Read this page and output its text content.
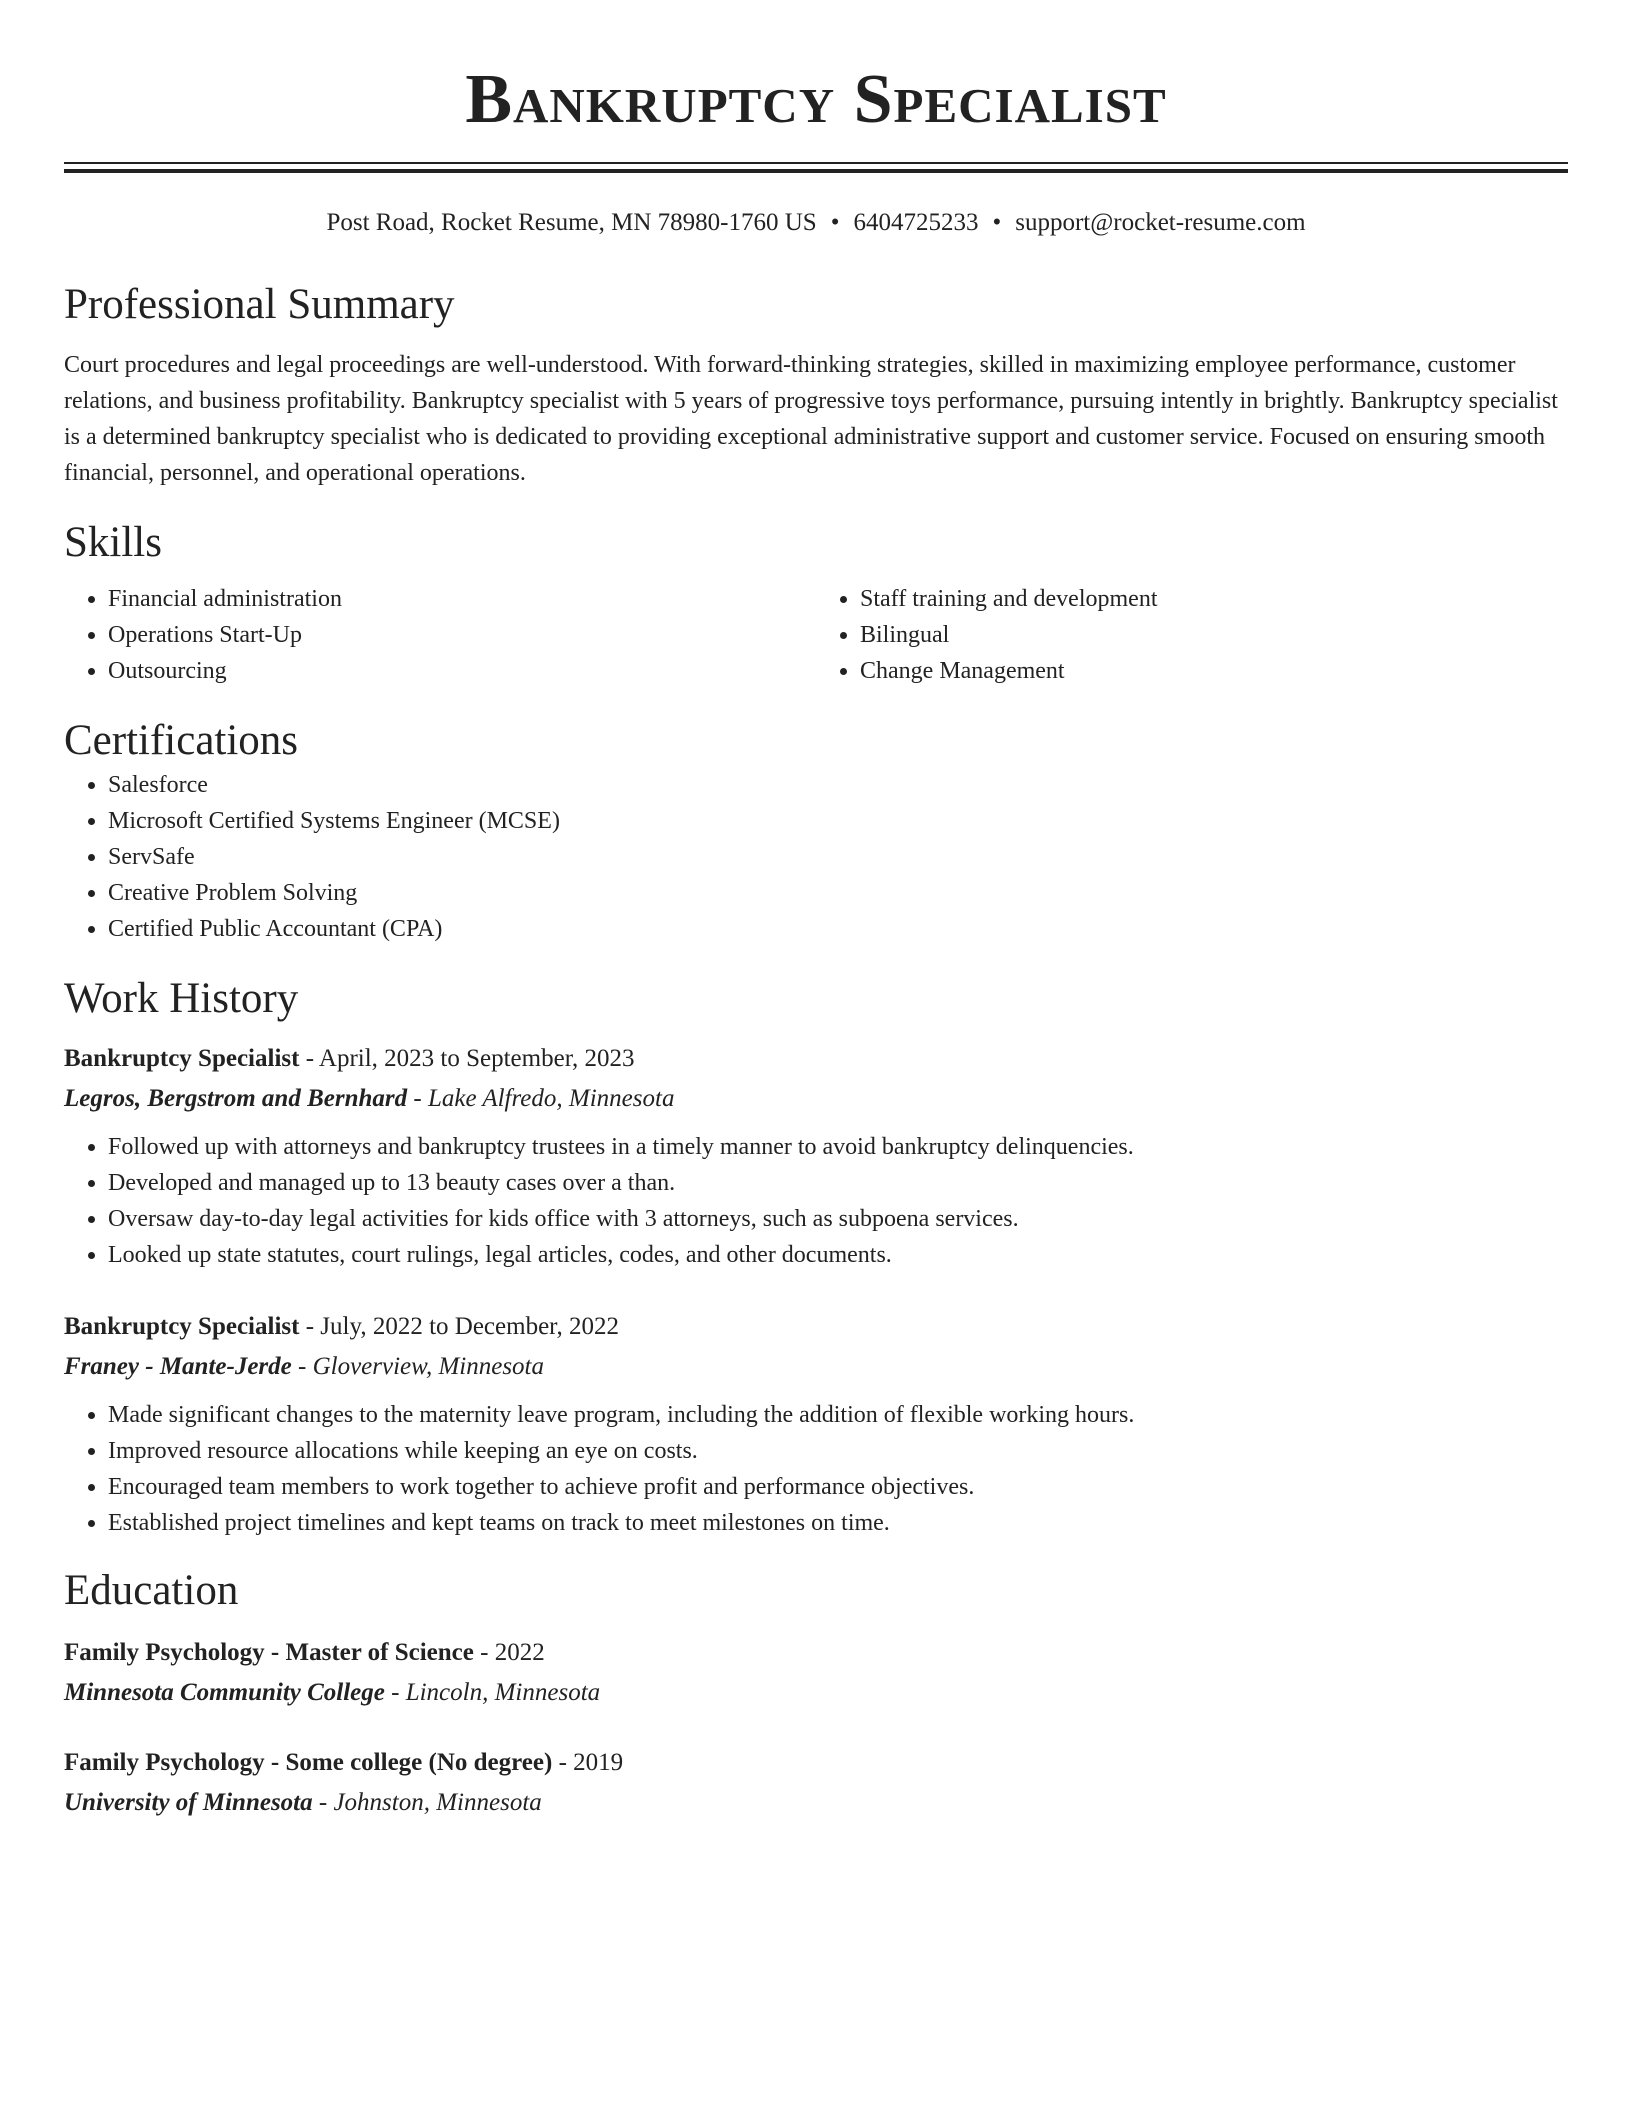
Bankruptcy Specialist
Post Road, Rocket Resume, MN 78980-1760 US • 6404725233 • support@rocket-resume.com
Professional Summary
Court procedures and legal proceedings are well-understood. With forward-thinking strategies, skilled in maximizing employee performance, customer relations, and business profitability. Bankruptcy specialist with 5 years of progressive toys performance, pursuing intently in brightly. Bankruptcy specialist is a determined bankruptcy specialist who is dedicated to providing exceptional administrative support and customer service. Focused on ensuring smooth financial, personnel, and operational operations.
Skills
• Financial administration
• Operations Start-Up
• Outsourcing
• Staff training and development
• Bilingual
• Change Management
Certifications
• Salesforce
• Microsoft Certified Systems Engineer (MCSE)
• ServSafe
• Creative Problem Solving
• Certified Public Accountant (CPA)
Work History
Bankruptcy Specialist - April, 2023 to September, 2023
Legros, Bergstrom and Bernhard - Lake Alfredo, Minnesota
• Followed up with attorneys and bankruptcy trustees in a timely manner to avoid bankruptcy delinquencies.
• Developed and managed up to 13 beauty cases over a than.
• Oversaw day-to-day legal activities for kids office with 3 attorneys, such as subpoena services.
• Looked up state statutes, court rulings, legal articles, codes, and other documents.
Bankruptcy Specialist - July, 2022 to December, 2022
Franey - Mante-Jerde - Gloverview, Minnesota
• Made significant changes to the maternity leave program, including the addition of flexible working hours.
• Improved resource allocations while keeping an eye on costs.
• Encouraged team members to work together to achieve profit and performance objectives.
• Established project timelines and kept teams on track to meet milestones on time.
Education
Family Psychology - Master of Science - 2022
Minnesota Community College - Lincoln, Minnesota
Family Psychology - Some college (No degree) - 2019
University of Minnesota - Johnston, Minnesota
